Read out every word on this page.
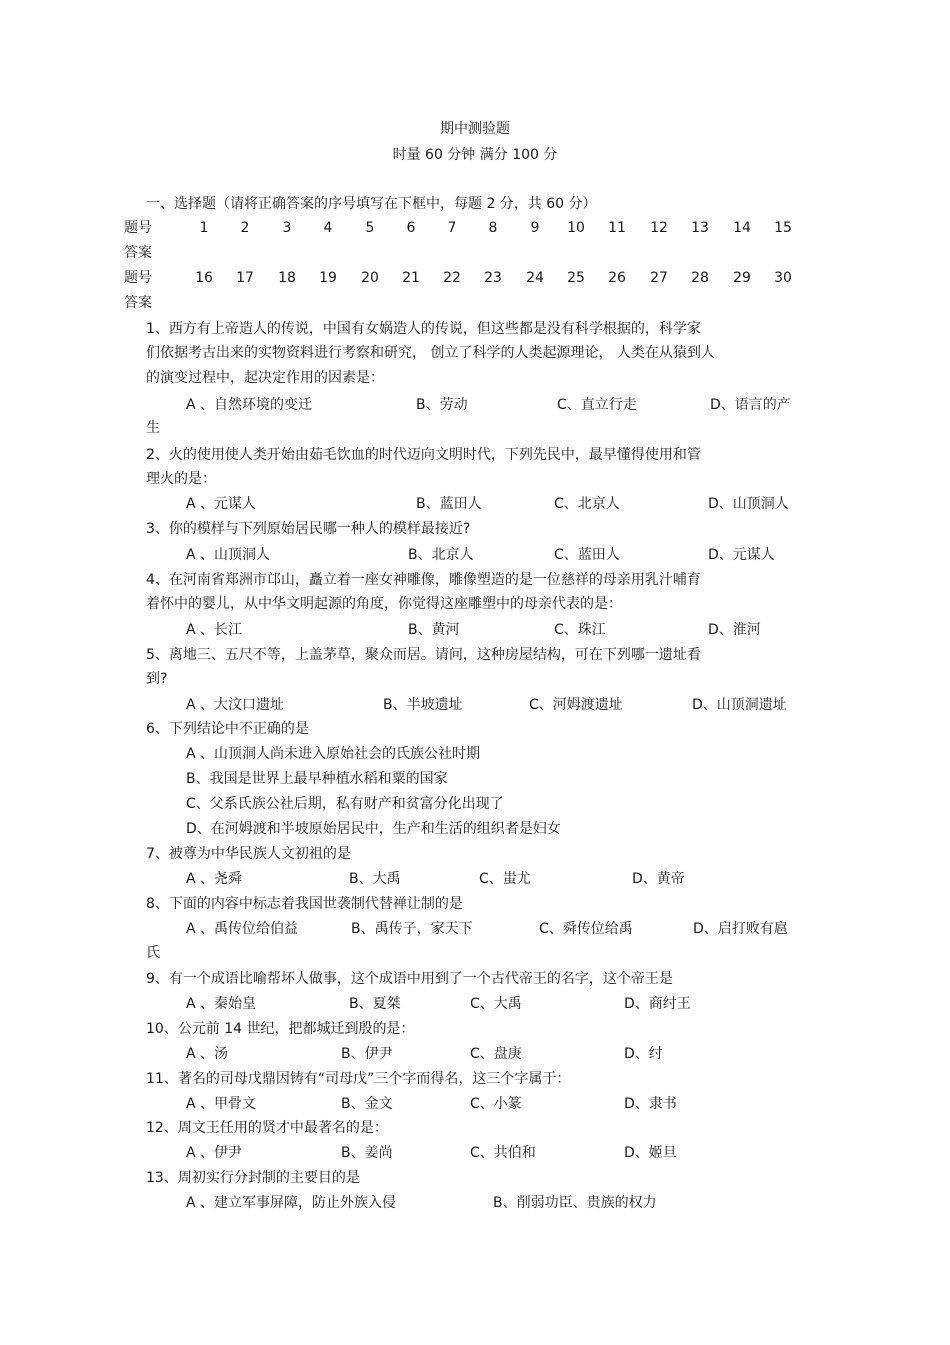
期中测验题
时量 60 分钟 满分 100 分
一、选择题（请将正确答案的序号填写在下框中，每题 2 分，共 60 分）
题号	1	2	3	4	5	6	7	8	9	10 11 12 13 14 15
答案
题号	16 17 18 19 20 21 22 23 24 25 26 27 28 29 30
答案
1、西方有上帝造人的传说，中国有女娲造人的传说，但这些都是没有科学根据的，科学家
们依据考古出来的实物资料进行考察和研究， 创立了科学的人类起源理论， 人类在从猿到人
的演变过程中，起决定作用的因素是：
A 、自然环境的变迁	B、劳动	C、直立行走	D、语言的产
生
2、火的使用使人类开始由茹毛饮血的时代迈向文明时代，下列先民中，最早懂得使用和管
理火的是：
A 、元谋人	B、蓝田人	C、北京人	D、山顶洞人
3、你的模样与下列原始居民哪一种人的模样最接近?
A 、山顶洞人	B、北京人	C、蓝田人	D、元谋人
4、在河南省郑洲市邙山，矗立着一座女神雕像，雕像塑造的是一位慈祥的母亲用乳汁哺育
着怀中的婴儿，从中华文明起源的角度，你觉得这座雕塑中的母亲代表的是：
A 、长江	B、黄河	C、珠江	D、淮河
5、离地三、五尺不等，上盖茅草，聚众而居。请问，这种房屋结构，可在下列哪一遗址看
到?
A 、大汶口遗址	B、半坡遗址	C、河姆渡遗址	D、山顶洞遗址
6、下列结论中不正确的是
A 、山顶洞人尚未进入原始社会的氏族公社时期
B、我国是世界上最早种植水稻和粟的国家
C、父系氏族公社后期，私有财产和贫富分化出现了
D、在河姆渡和半坡原始居民中，生产和生活的组织者是妇女
7、被尊为中华民族人文初祖的是
A 、尧舜	B、大禹	C、蚩尤	D、黄帝
8、下面的内容中标志着我国世袭制代替禅让制的是
A 、禹传位给伯益	B、禹传子，家天下	C、舜传位给禹	D、启打败有扈
氏
9、有一个成语比喻帮坏人做事，这个成语中用到了一个古代帝王的名字，这个帝王是
A 、秦始皇	B、夏桀	C、大禹	D、商纣王
10、公元前 14 世纪，把都城迁到殷的是：
A 、汤	B、伊尹	C、盘庚	D、纣
11、著名的司母戊鼎因铸有“司母戊”三个字而得名，这三个字属于：
A 、甲骨文	B、金文	C、小篆	D、隶书
12、周文王任用的贤才中最著名的是：
A 、伊尹	B、姜尚	C、共伯和	D、姬旦
13、周初实行分封制的主要目的是
A 、建立军事屏障，防止外族入侵	B、削弱功臣、贵族的权力
